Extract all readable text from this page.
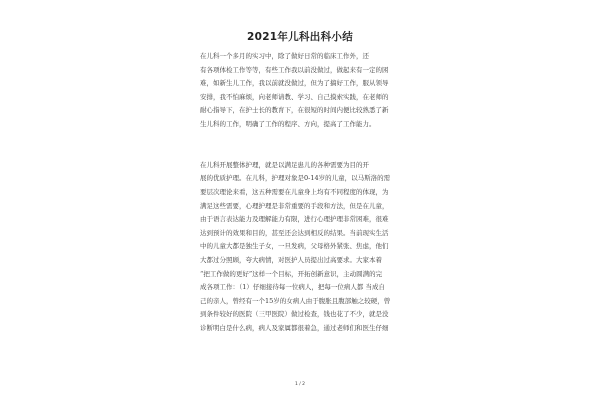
2021年儿科出科小结
在儿科一个多月的实习中，除了做好日常的临床工作外，还
有各项体检工作等等，有些工作我以前没做过，做起来有一定的困
难，如新生儿工作，我以前就没做过，但为了搞好工作，服从领导
安排，我不怕麻烦，向老师请教、学习、自己摸索实践，在老师的
耐心指导下，在护士长的教育下，在很短的时间内便比较熟悉了新
生儿科的工作，明确了工作的程序、方向，提高了工作能力。
在儿科开展整体护理，就是以满足患儿的各种需要为目的开
展的优质护理。在儿科，护理对象是0-14岁的儿童，以马斯洛的需
要层次理论来看，这五种需要在儿童身上均有不同程度的体现，为
满足这些需要，心理护理是非常重要的手段和方法，但是在儿童，
由于语言表达能力及理解能力有限，进行心理护理非常困难，很难
达到预计的效果和目的，甚至还会达到相反的结果。当前现实生活
中的儿童大都是独生子女，一旦发病，父母格外紧张、焦虑，他们
大都过分照顾，夸大病情，对医护人员提出过高要求。大家本着
“把工作做的更好”这样一个目标，开拓创新意识，主动圆满的完
成各项工作：（1）仔细接待每一位病人，把每一位病人都 当成自
己的亲人，曾经有一个15岁的女病人由于腹胀且腹部触之较硬，曾
到条件较好的医院（三甲医院）做过检查，钱也花了不少，就是没
诊断明白是什么病，病人及家属都很着急，通过老师们和医生仔细
1 / 2
